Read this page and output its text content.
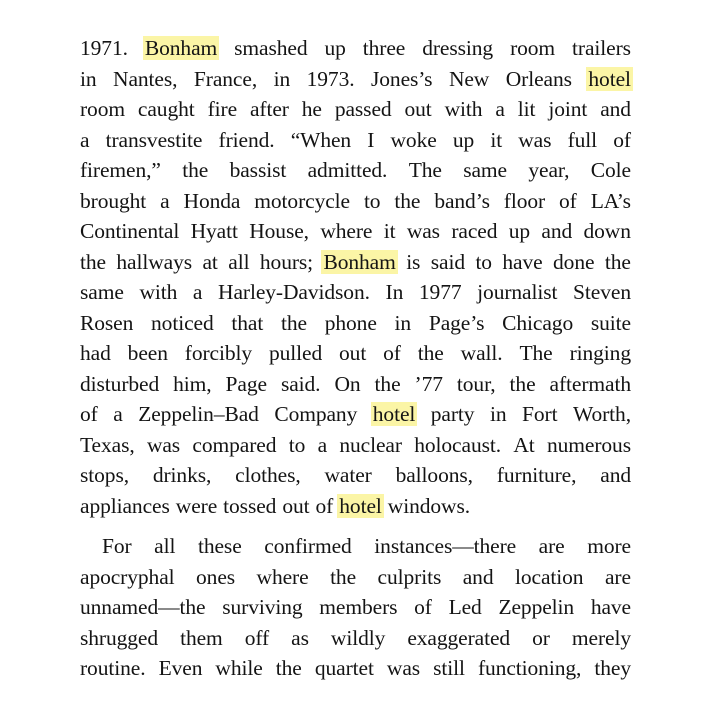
1971. Bonham smashed up three dressing room trailers
in Nantes, France, in 1973. Jones’s New Orleans hotel
room caught fire after he passed out with a lit joint and
a transvestite friend. “When I woke up it was full of
firemen,” the bassist admitted. The same year, Cole
brought a Honda motorcycle to the band’s floor of LA’s
Continental Hyatt House, where it was raced up and down
the hallways at all hours; Bonham is said to have done the
same with a Harley-Davidson. In 1977 journalist Steven
Rosen noticed that the phone in Page’s Chicago suite
had been forcibly pulled out of the wall. The ringing
disturbed him, Page said. On the ’77 tour, the aftermath
of a Zeppelin–Bad Company hotel party in Fort Worth,
Texas, was compared to a nuclear holocaust. At numerous
stops, drinks, clothes, water balloons, furniture, and
appliances were tossed out of hotel windows.
For all these confirmed instances—there are more
apocryphal ones where the culprits and location are
unnamed—the surviving members of Led Zeppelin have
shrugged them off as wildly exaggerated or merely
routine. Even while the quartet was still functioning, they
